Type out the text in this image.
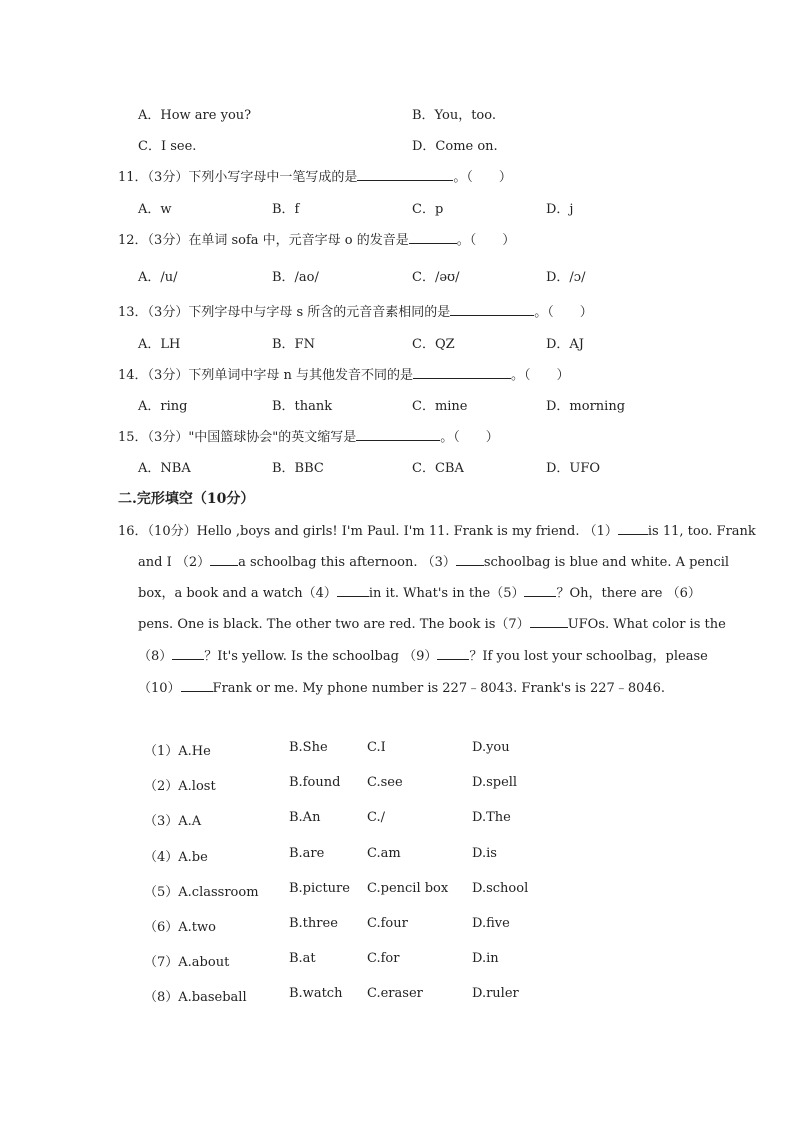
A．How are you?	B．You，too.
C．I see.	D．Come on.
11．（3分）下列小写字母中一笔写成的是	。（　　）
A．w	B．f	C．p	D．j
12．（3分）在单词 sofa 中，元音字母 o 的发音是	。（　　）
A．/u/	B．/ao/	C．/əʊ/	D．/ɔ/
13．（3分）下列字母中与字母 s 所含的元音音素相同的是	。（　　）
A．LH	B．FN	C．QZ	D．AJ
14．（3分）下列单词中字母 n 与其他发音不同的是	。（　　）
A．ring	B．thank	C．mine	D．morning
15．（3分）"中国篮球协会"的英文缩写是	。（　　）
A．NBA	B．BBC	C．CBA	D．UFO
二.完形填空（10分）
16．（10分）Hello ,boys and girls! I'm Paul. I'm 11. Frank is my friend. （1） is 11, too. Frank
and I （2） a schoolbag this afternoon. （3） schoolbag is blue and white. A pencil
box，a book and a watch（4） in it. What's in the（5） ？Oh，there are （6）
pens. One is black. The other two are red. The book is（7）	UFOs. What color is the
（8） ？It's yellow. Is the schoolbag （9） ？If you lost your schoolbag，please
（10） Frank or me. My phone number is 227﹣8043. Frank's is 227﹣8046.
（1）A.He	B.She	C.I	D.you
（2）A.lost	B.found C.see	D.spell
（3）A.A	B.An	C./	D.The
（4）A.be	B.are	C.am	D.is
（5）A.classroom B.picture C.pencil box D.school
（6）A.two	B.three C.four	D.five
（7）A.about	B.at	C.for	D.in
（8）A.baseball	B.watch C.eraser	D.ruler
